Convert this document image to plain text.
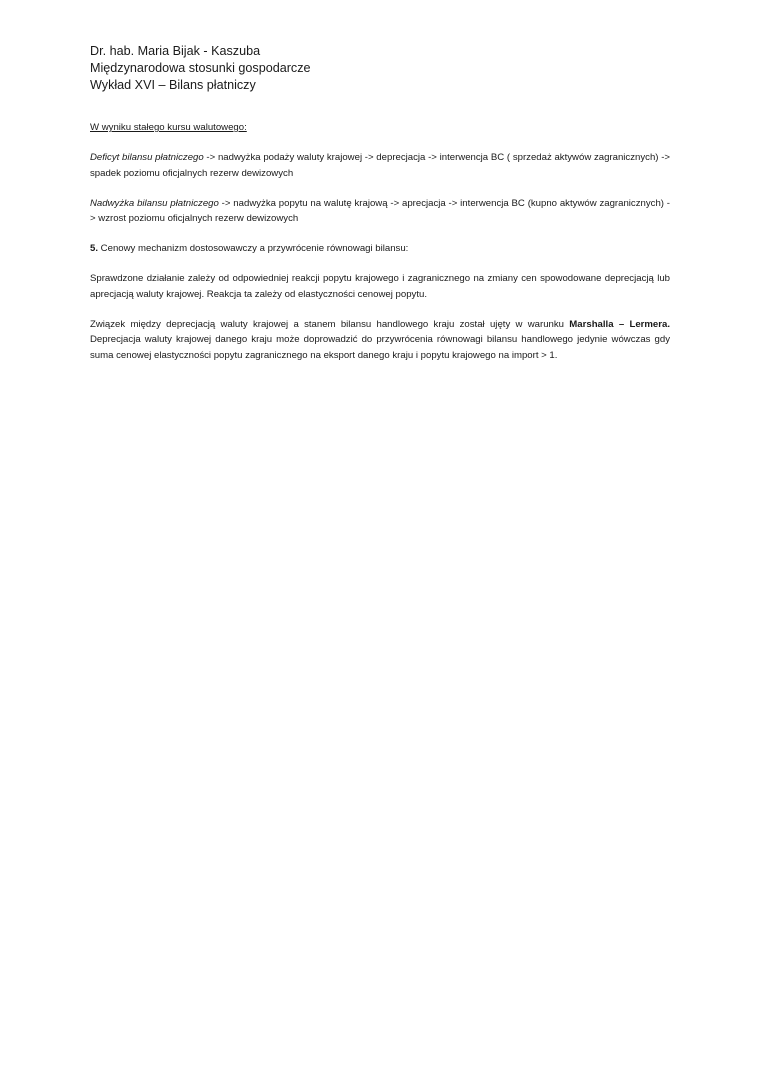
Dr. hab. Maria Bijak - Kaszuba

Międzynarodowa stosunki gospodarcze

Wykład XVI – Bilans płatniczy

W wyniku stałego kursu walutowego:

Deficyt bilansu płatniczego -> nadwyżka podaży waluty krajowej -> deprecjacja -> interwencja BC ( sprzedaż aktywów zagranicznych) -> spadek poziomu oficjalnych rezerw dewizowych

Nadwyżka bilansu płatniczego -> nadwyżka popytu na walutę krajową -> aprecjacja -> interwencja BC (kupno aktywów zagranicznych) -> wzrost poziomu oficjalnych rezerw dewizowych

5. Cenowy mechanizm dostosowawczy a przywrócenie równowagi bilansu:

Sprawdzone działanie zależy od odpowiedniej reakcji popytu krajowego i zagranicznego na zmiany cen spowodowane deprecjacją lub aprecjacją waluty krajowej. Reakcja ta zależy od elastyczności cenowej popytu.

Związek między deprecjacją waluty krajowej a stanem bilansu handlowego kraju został ujęty w warunku Marshalla – Lermera. Deprecjacja waluty krajowej danego kraju może doprowadzić do przywrócenia równowagi bilansu handlowego jedynie wówczas gdy suma cenowej elastyczności popytu zagranicznego na eksport danego kraju i popytu krajowego na import > 1.
